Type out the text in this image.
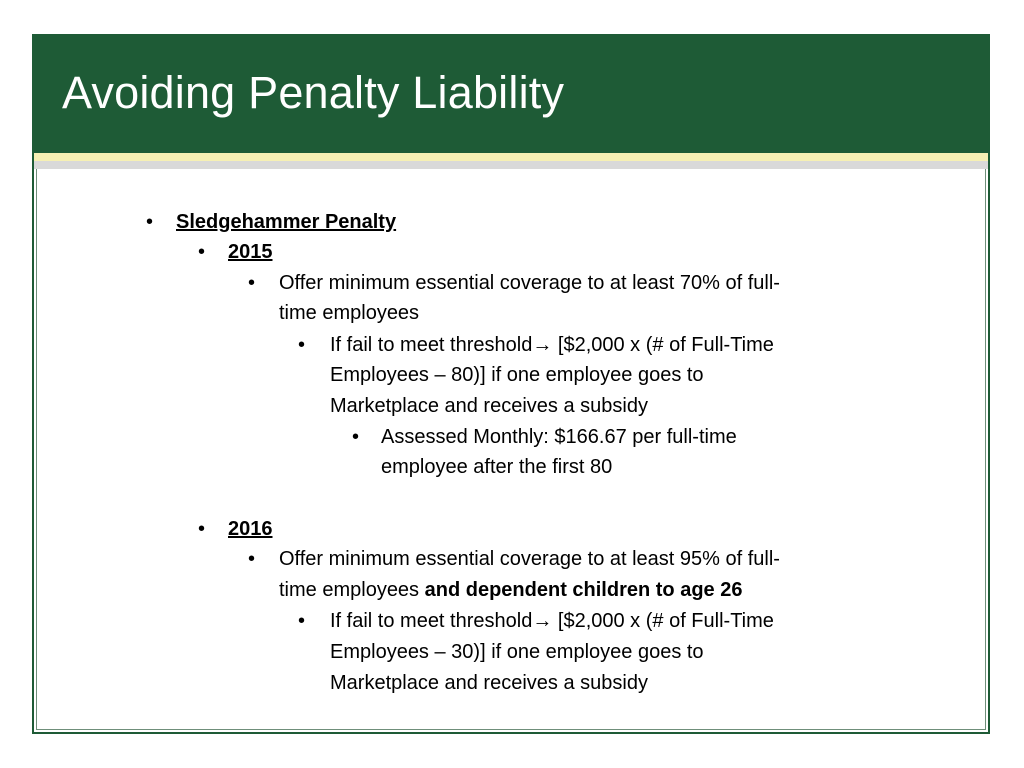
Avoiding Penalty Liability
• Sledgehammer Penalty

• 2015

• Offer minimum essential coverage to at least 70% of full-

time employees

• If fail to meet threshold→ [$2,000 x (# of Full-Time

Employees – 80)] if one employee goes to

Marketplace and receives a subsidy

• Assessed Monthly: $166.67 per full-time

employee after the first 80

• 2016

• Offer minimum essential coverage to at least 95% of full-

time employees and dependent children to age 26

• If fail to meet threshold→ [$2,000 x (# of Full-Time

Employees – 30)] if one employee goes to

Marketplace and receives a subsidy
